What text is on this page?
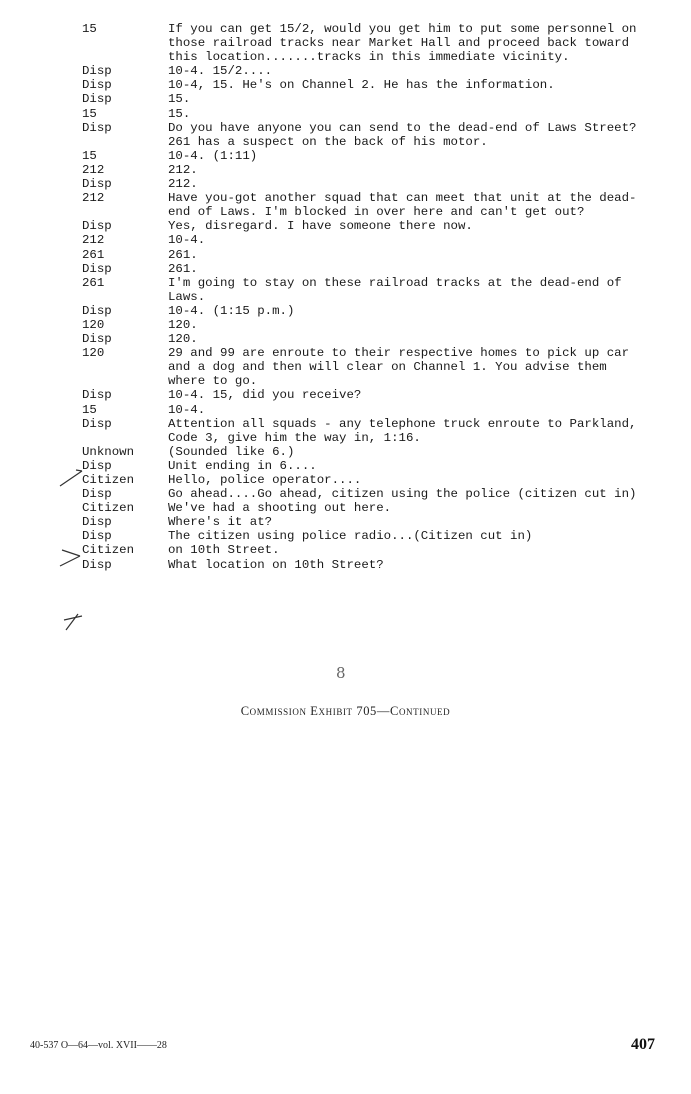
15	If you can get 15/2, would you get him to put some personnel on those railroad tracks near Market Hall and proceed back toward this location.......tracks in this immediate vicinity.
Disp	10-4. 15/2....
Disp	10-4, 15. He's on Channel 2. He has the information.
Disp	15.
15	15.
Disp	Do you have anyone you can send to the dead-end of Laws Street? 261 has a suspect on the back of his motor.
15	10-4. (1:11)
212	212.
Disp	212.
212	Have you-got another squad that can meet that unit at the dead-end of Laws. I'm blocked in over here and can't get out?
Disp	Yes, disregard. I have someone there now.
212	10-4.
261	261.
Disp	261.
261	I'm going to stay on these railroad tracks at the dead-end of Laws.
Disp	10-4. (1:15 p.m.)
120	120.
Disp	120.
120	29 and 99 are enroute to their respective homes to pick up car and a dog and then will clear on Channel 1. You advise them where to go.
Disp	10-4. 15, did you receive?
15	10-4.
Disp	Attention all squads - any telephone truck enroute to Parkland, Code 3, give him the way in, 1:16.
Unknown	(Sounded like 6.)
Disp	Unit ending in 6....
Citizen	Hello, police operator....
Disp	Go ahead....Go ahead, citizen using the police (citizen cut in)
Citizen	We've had a shooting out here.
Disp	Where's it at?
Disp	The citizen using police radio...(Citizen cut in)
Citizen	on 10th Street.
Disp	What location on 10th Street?
8
Commission Exhibit 705—Continued
40-537 O—64—vol. XVII——28	407
